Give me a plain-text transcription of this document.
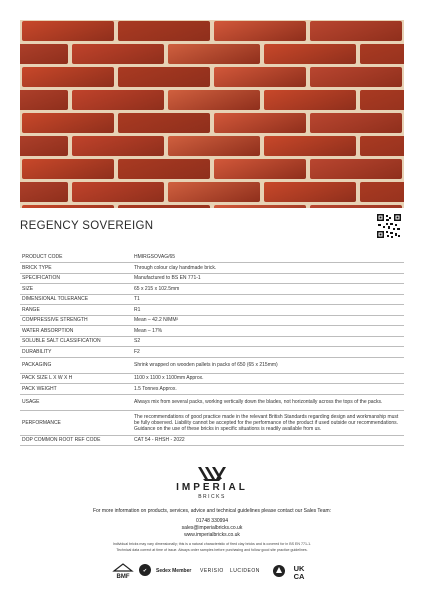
REGENCY SOVEREIGN
PRODUCT CODE	HMIRGSOVAG/65
BRICK TYPE	Through colour clay handmade brick.
SPECIFICATION	Manufactured to BS EN 771-1
SIZE	65 x 215 x 102.5mm
DIMENSIONAL TOLERANCE	T1
RANGE	R1
COMPRESSIVE STRENGTH	Mean – 42.2 N/MM²
WATER ABSORPTION	Mean – 17%
SOLUBLE SALT CLASSIFICATION	S2
DURABILITY	F2
PACKAGING	Shrink wrapped on wooden pallets in packs of 650 (65 x 215mm)
PACK SIZE L X W X H	1100 x 1100 x 1100mm Approx.
PACK WEIGHT	1.5 Tonnes Approx.
USAGE	Always mix from several packs, working vertically down the blades, not horizontally across the tops of the packs.
PERFORMANCE	The recommendations of good practice made in the relevant British Standards regarding design and workmanship must be fully observed. Liability cannot be accepted for the performance of the product if used outside our recommendations. Guidance on the use of these bricks in specific situations is readily available from us.
DOP COMMON ROOT REF CODE	CAT 54 - RHSH - 2022
IMPERIAL
BRICKS
For more information on products, services, advice and technical guidelines please contact our Sales Team:
01748 330994
sales@imperialbricks.co.uk
www.imperialbricks.co.uk
Individual bricks may vary dimensionally; this is a natural characteristic of fired clay bricks and is covered for in BS EN 771-1.
Technical data correct at time of issue. Always order samples before purchasing and follow good site practice guidelines.
BMF
✔ Sedex Member VERISIO LUCIDEON	UK
CA
